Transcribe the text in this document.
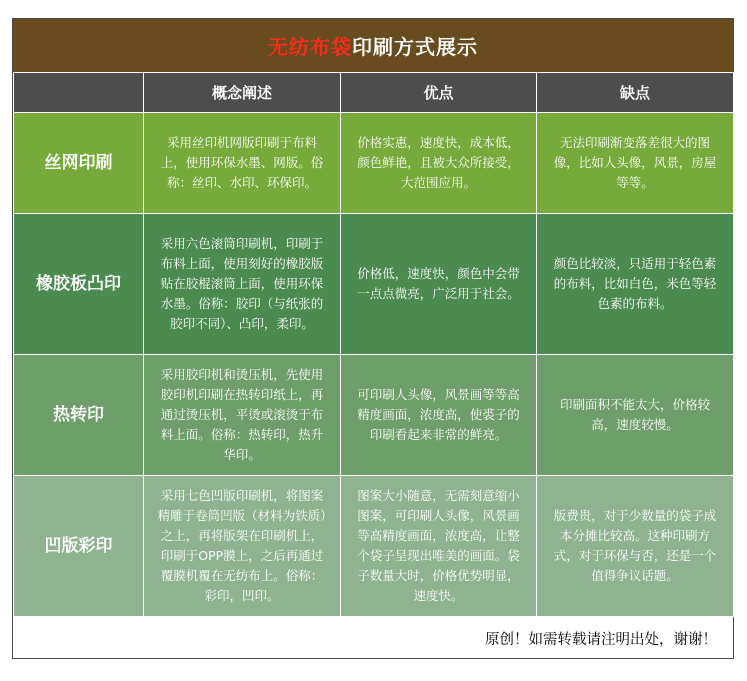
无纺布袋 印刷方式展示
	概念阐述	优点	缺点
丝网印刷	采用丝印机网版印刷于布料上，使用环保水墨、网版。俗称：丝印、水印、环保印。	价格实惠，速度快，成本低，颜色鲜艳，且被大众所接受，大范围应用。	无法印刷渐变落差很大的图像，比如人头像，风景，房屋等等。
橡胶板凸印	采用六色滚筒印刷机，印刷于布料上面，使用刻好的橡胶版贴在胶棍滚筒上面，使用环保水墨。俗称：胶印（与纸张的胶印不同）、凸印，柔印。	价格低，速度快，颜色中会带一点点微亮，广泛用于社会。	颜色比较淡，只适用于轻色素的布料，比如白色，米色等轻色素的布料。
热转印	采用胶印机和烫压机，先使用胶印机印刷在热转印纸上，再通过烫压机，平烫或滚烫于布料上面。俗称：热转印，热升华印。	可印刷人头像，风景画等等高精度画面，浓度高，使裘子的印刷看起来非常的鲜亮。	印刷面积不能太大，价格较高，速度较慢。
凹版彩印	采用七色凹版印刷机，将图案精雕于卷筒凹版（材料为铁质）之上，再将版架在印刷机上，印刷于OPP膜上，之后再通过覆膜机覆在无纺布上。俗称：彩印，凹印。	图案大小随意，无需刻意缩小图案，可印刷人头像，风景画等高精度画面，浓度高，让整个袋子呈现出唯美的画面。袋子数量大时，价格优势明显，速度快。	版费贵，对于少数量的袋子成本分摊比较高。这种印刷方式，对于环保与否，还是一个值得争议话题。
原创！如需转载请注明出处，谢谢！
